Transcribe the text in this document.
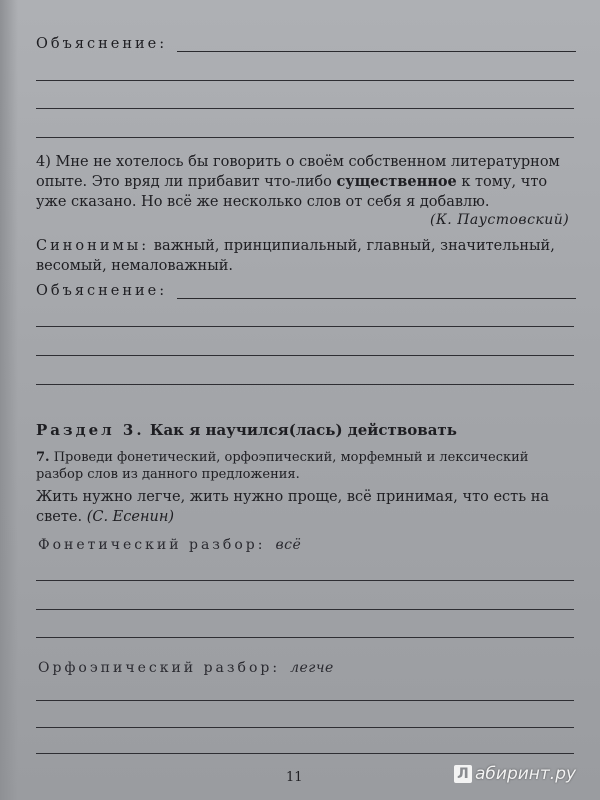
Объяснение:

4) Мне не хотелось бы говорить о своём собственном литературном опыте. Это вряд ли прибавит что-либо существенное к тому, что уже сказано. Но всё же несколько слов от себя я добавлю.

(К. Паустовский)
Синонимы: важный, принципиальный, главный, значительный, весомый, немаловажный.
Объяснение:
Раздел 3. Как я научился(лась) действовать
7. Проведи фонетический, орфоэпический, морфемный и лексический разбор слов из данного предложения.
Жить нужно легче, жить нужно проще, всё принимая, что есть на свете. (С. Есенин)
Фонетический разбор: всё
Орфоэпический разбор: легче
11	Л абиринт.ру
